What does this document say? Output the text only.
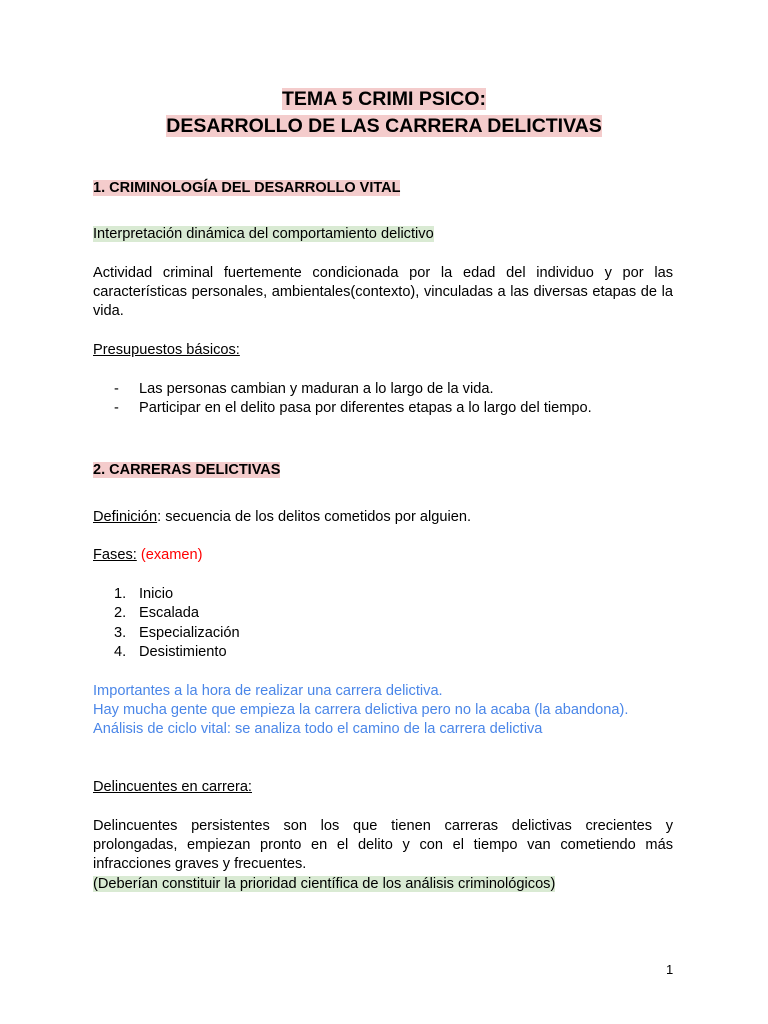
TEMA 5 CRIMI PSICO:
DESARROLLO DE LAS CARRERA DELICTIVAS
1. CRIMINOLOGÍA DEL DESARROLLO VITAL
Interpretación dinámica del comportamiento delictivo
Actividad criminal fuertemente condicionada por la edad del individuo y por las características personales, ambientales(contexto), vinculadas a las diversas etapas de la vida.
Presupuestos básicos:
- Las personas cambian y maduran a lo largo de la vida.
- Participar en el delito pasa por diferentes etapas a lo largo del tiempo.
2. CARRERAS DELICTIVAS
Definición: secuencia de los delitos cometidos por alguien.
Fases: (examen)
1. Inicio
2. Escalada
3. Especialización
4. Desistimiento
Importantes a la hora de realizar una carrera delictiva.
Hay mucha gente que empieza la carrera delictiva pero no la acaba (la abandona).
Análisis de ciclo vital: se analiza todo el camino de la carrera delictiva
Delincuentes en carrera:
Delincuentes persistentes son los que tienen carreras delictivas crecientes y prolongadas, empiezan pronto en el delito y con el tiempo van cometiendo más infracciones graves y frecuentes.
(Deberían constituir la prioridad científica de los análisis criminológicos)
1
